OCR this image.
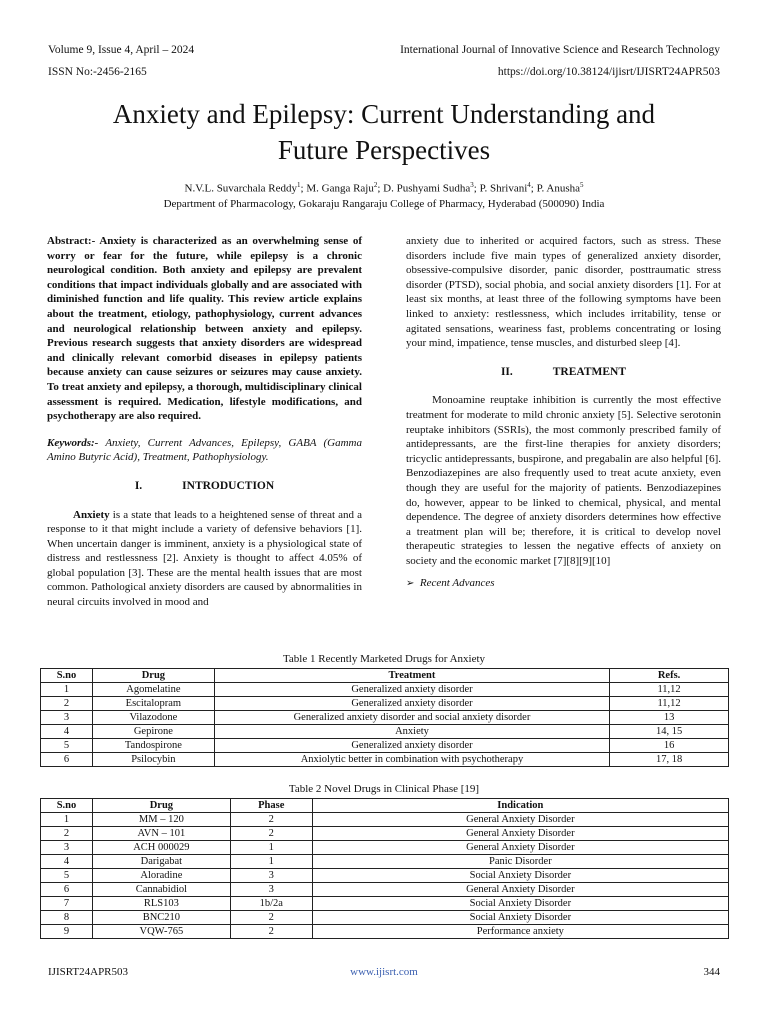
Volume 9, Issue 4, April – 2024
ISSN No:-2456-2165
International Journal of Innovative Science and Research Technology
https://doi.org/10.38124/ijisrt/IJISRT24APR503
Anxiety and Epilepsy: Current Understanding and
Future Perspectives
N.V.L. Suvarchala Reddy$^1$; M. Ganga Raju$^2$; D. Pushyami Sudha$^3$; P. Shrivani$^4$; P. Anusha$^5$
Department of Pharmacology, Gokaraju Rangaraju College of Pharmacy, Hyderabad (500090) India

Abstract:- Anxiety is characterized as an overwhelming sense of worry or fear for the future, while epilepsy is a chronic neurological condition. Both anxiety and epilepsy are prevalent conditions that impact individuals globally and are associated with diminished function and life quality. This review article explains about the treatment, etiology, pathophysiology, current advances and neurological relationship between anxiety and epilepsy. Previous research suggests that anxiety disorders are widespread and clinically relevant comorbid diseases in epilepsy patients because anxiety can cause seizures or seizures may cause anxiety. To treat anxiety and epilepsy, a thorough, multidisciplinary clinical assessment is required. Medication, lifestyle modifications, and psychotherapy are also required.

Keywords:- Anxiety, Current Advances, Epilepsy, GABA (Gamma Amino Butyric Acid), Treatment, Pathophysiology.

I.	INTRODUCTION

Anxiety is a state that leads to a heightened sense of threat and a response to it that might include a variety of defensive behaviors [1]. When uncertain danger is imminent, anxiety is a physiological state of distress and restlessness [2]. Anxiety is thought to affect 4.05% of global population [3]. These are the mental health issues that are most common. Pathological anxiety disorders are caused by abnormalities in neural circuits involved in mood and

anxiety due to inherited or acquired factors, such as stress. These disorders include five main types of generalized anxiety disorder, obsessive-compulsive disorder, panic disorder, posttraumatic stress disorder (PTSD), social phobia, and social anxiety disorders [1]. For at least six months, at least three of the following symptoms have been linked to anxiety: restlessness, which includes irritability, tense or agitated sensations, weariness fast, problems concentrating or losing your mind, impatience, tense muscles, and disturbed sleep [4].

II.	TREATMENT

Monoamine reuptake inhibition is currently the most effective treatment for moderate to mild chronic anxiety [5]. Selective serotonin reuptake inhibitors (SSRIs), the most commonly prescribed family of antidepressants, are the first-line therapies for anxiety disorders; tricyclic antidepressants, buspirone, and pregabalin are also helpful [6]. Benzodiazepines are also frequently used to treat acute anxiety, even though they are useful for the majority of patients. Benzodiazepines do, however, appear to be linked to chemical, physical, and mental dependence. The degree of anxiety disorders determines how effective a treatment plan will be; therefore, it is critical to develop novel therapeutic strategies to lessen the negative effects of anxiety on society and the economic market [7][8][9][10]

➢ Recent Advances

Table 1 Recently Marketed Drugs for Anxiety
S.no	Drug	Treatment	Refs.
1	Agomelatine	Generalized anxiety disorder	11,12
2	Escitalopram	Generalized anxiety disorder	11,12
3	Vilazodone	Generalized anxiety disorder and social anxiety disorder	13
4	Gepirone	Anxiety	14, 15
5	Tandospirone	Generalized anxiety disorder	16
6	Psilocybin	Anxiolytic better in combination with psychotherapy	17, 18
Table 2 Novel Drugs in Clinical Phase [19]
S.no	Drug	Phase	Indication
1	MM – 120	2	General Anxiety Disorder
2	AVN – 101	2	General Anxiety Disorder
3	ACH 000029	1	General Anxiety Disorder
4	Darigabat	1	Panic Disorder
5	Aloradine	3	Social Anxiety Disorder
6	Cannabidiol	3	General Anxiety Disorder
7	RLS103	1b/2a	Social Anxiety Disorder
8	BNC210	2	Social Anxiety Disorder
9	VQW-765	2	Performance anxiety
IJISRT24APR503	www.ijisrt.com	344
